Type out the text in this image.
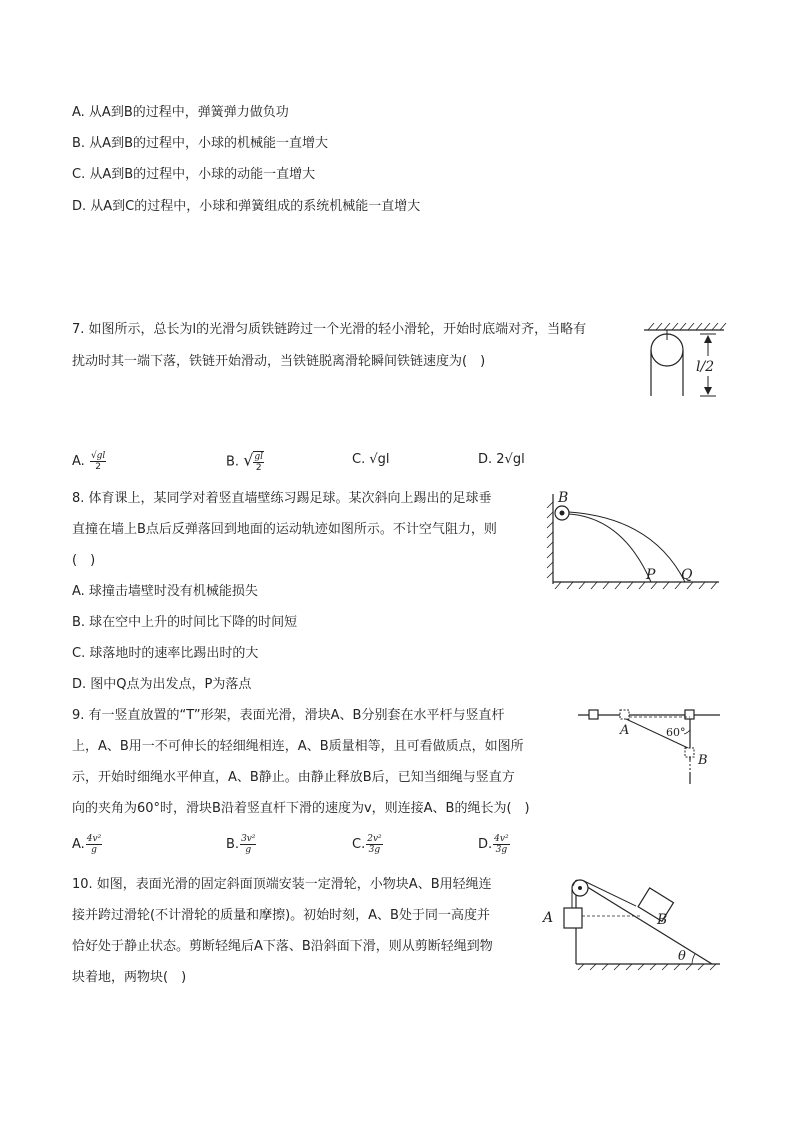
A. 从A到B的过程中，弹簧弹力做负功
B. 从A到B的过程中，小球的机械能一直增大
C. 从A到B的过程中，小球的动能一直增大
D. 从A到C的过程中，小球和弹簧组成的系统机械能一直增大
7. 如图所示，总长为l的光滑匀质铁链跨过一个光滑的轻小滑轮，开始时底端对齐，当略有
扰动时其一端下落，铁链开始滑动，当铁链脱离滑轮瞬间铁链速度为(　)	l/2
A. $\frac{√gl}{2}$	B. √ $\frac{gl}{2}$	C. √gl	D. 2√gl
8. 体育课上，某同学对着竖直墙壁练习踢足球。某次斜向上踢出的足球垂
直撞在墙上B点后反弹落回到地面的运动轨迹如图所示。不计空气阻力，则
(　)
A. 球撞击墙壁时没有机械能损失
B. 球在空中上升的时间比下降的时间短
C. 球落地时的速率比踢出时的大
D. 图中Q点为出发点，P为落点
B
P Q
9. 有一竖直放置的“T”形架，表面光滑，滑块A、B分别套在水平杆与竖直杆
上，A、B用一不可伸长的轻细绳相连，A、B质量相等，且可看做质点，如图所
示，开始时细绳水平伸直，A、B静止。由静止释放B后，已知当细绳与竖直方
向的夹角为60°时，滑块B沿着竖直杆下滑的速度为v，则连接A、B的绳长为(　)
A. $\frac{\text{4v²}}{g}$	B. $\frac{\text{3v²}}{g}$	C. $\frac{\text{2v²}}{3g}$	D. $\frac{\text{4v²}}{3g}$
A	60°
B
10. 如图，表面光滑的固定斜面顶端安装一定滑轮，小物块A、B用轻绳连
接并跨过滑轮(不计滑轮的质量和摩擦)。初始时刻，A、B处于同一高度并
恰好处于静止状态。剪断轻绳后A下落、B沿斜面下滑，则从剪断轻绳到物
块着地，两物块(　)
A	B
θ
